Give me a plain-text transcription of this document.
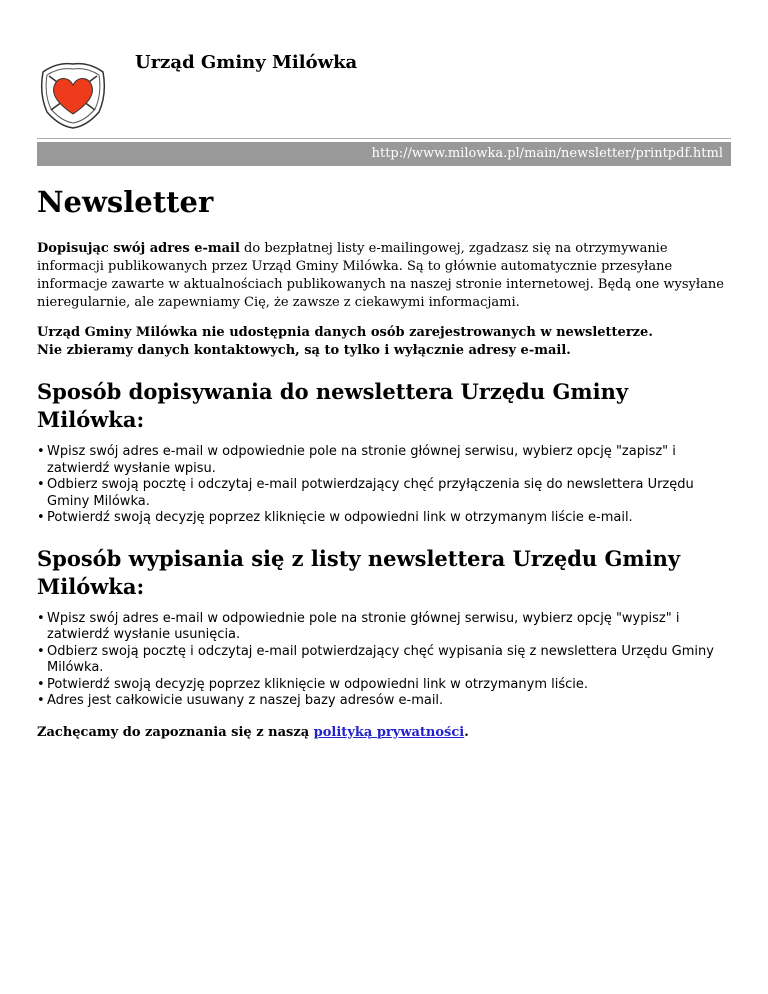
Urząd Gminy Milówka
http://www.milowka.pl/main/newsletter/printpdf.html
Newsletter

Dopisując swój adres e-mail do bezpłatnej listy e-mailingowej, zgadzasz się na otrzymywanie informacji publikowanych przez Urząd Gminy Milówka. Są to głównie automatycznie przesyłane informacje zawarte w aktualnościach publikowanych na naszej stronie internetowej. Będą one wysyłane nieregularnie, ale zapewniamy Cię, że zawsze z ciekawymi informacjami.

Urząd Gminy Milówka nie udostępnia danych osób zarejestrowanych w newsletterze.
Nie zbieramy danych kontaktowych, są to tylko i wyłącznie adresy e-mail.

Sposób dopisywania do newslettera Urzędu Gminy Milówka:
• Wpisz swój adres e-mail w odpowiednie pole na stronie głównej serwisu, wybierz opcję "zapisz" i zatwierdź wysłanie wpisu.
• Odbierz swoją pocztę i odczytaj e-mail potwierdzający chęć przyłączenia się do newslettera Urzędu Gminy Milówka.
• Potwierdź swoją decyzję poprzez kliknięcie w odpowiedni link w otrzymanym liście e-mail.
Sposób wypisania się z listy newslettera Urzędu Gminy Milówka:
• Wpisz swój adres e-mail w odpowiednie pole na stronie głównej serwisu, wybierz opcję "wypisz" i zatwierdź wysłanie usunięcia.
• Odbierz swoją pocztę i odczytaj e-mail potwierdzający chęć wypisania się z newslettera Urzędu Gminy Milówka.
• Potwierdź swoją decyzję poprzez kliknięcie w odpowiedni link w otrzymanym liście.
• Adres jest całkowicie usuwany z naszej bazy adresów e-mail.

Zachęcamy do zapoznania się z naszą polityką prywatności.
